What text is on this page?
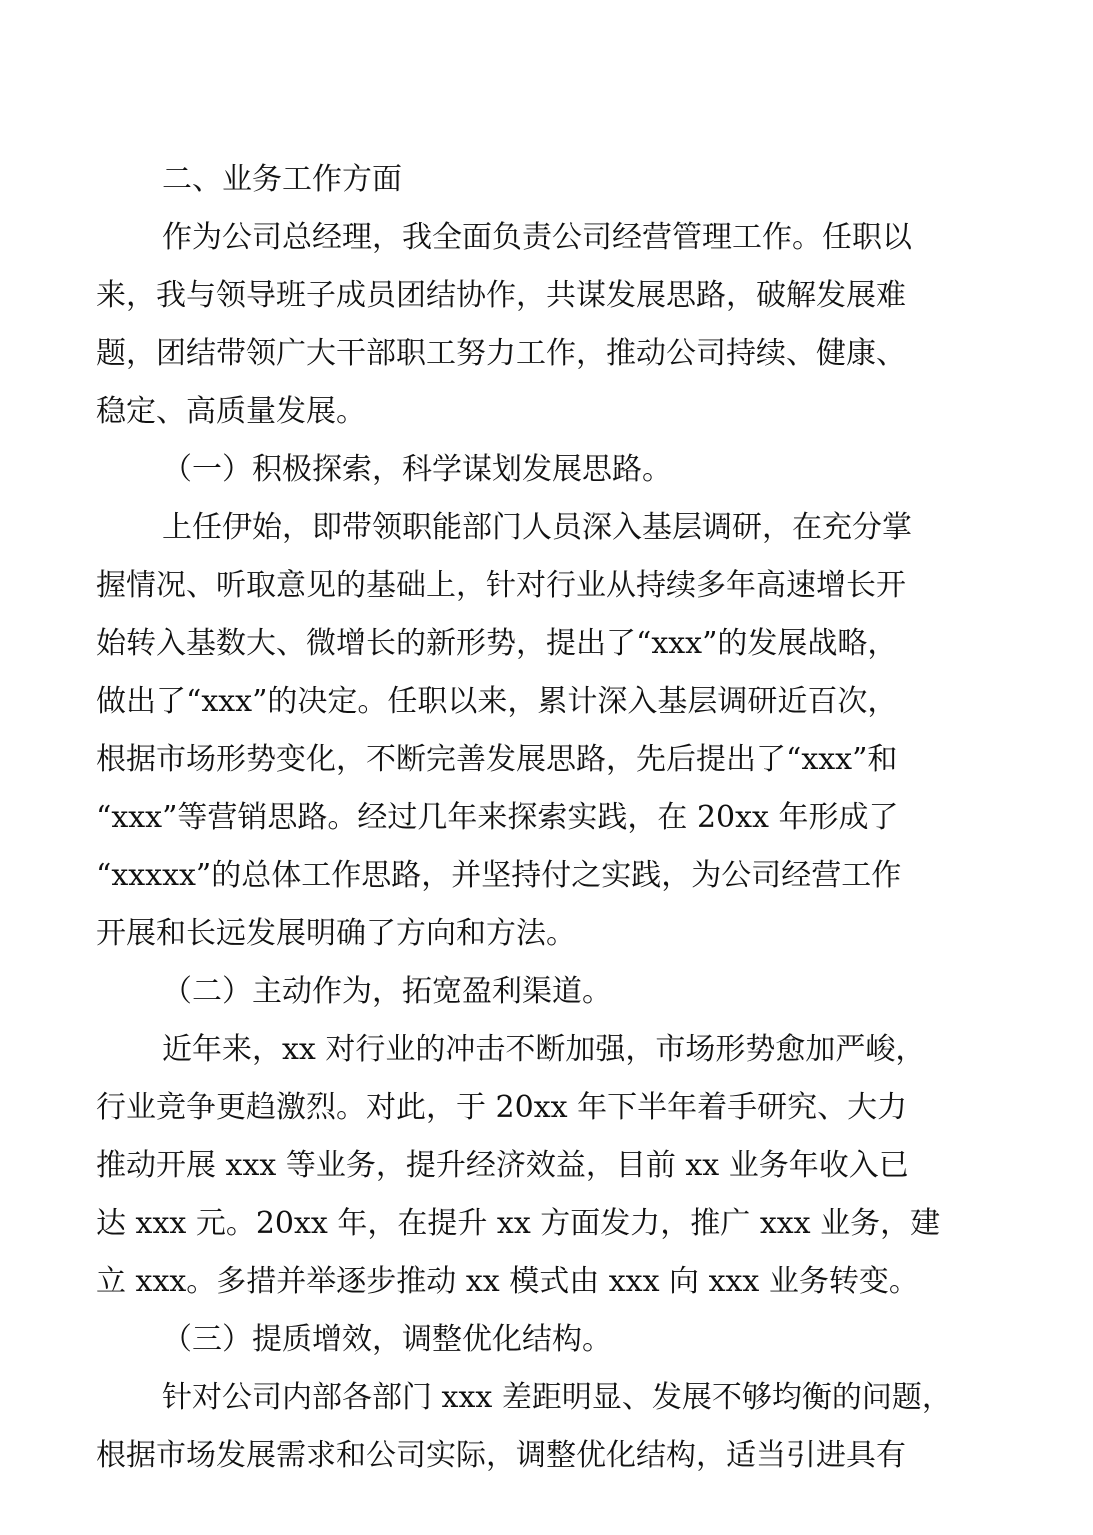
二、业务工作方面

作为公司总经理，我全面负责公司经营管理工作。任职以

来，我与领导班子成员团结协作，共谋发展思路，破解发展难

题，团结带领广大干部职工努力工作，推动公司持续、健康、

稳定、高质量发展。

（一）积极探索，科学谋划发展思路。

上任伊始，即带领职能部门人员深入基层调研，在充分掌

握情况、听取意见的基础上，针对行业从持续多年高速增长开

始转入基数大、微增长的新形势，提出了“xxx”的发展战略，

做出了“xxx”的决定。任职以来，累计深入基层调研近百次，

根据市场形势变化，不断完善发展思路，先后提出了“xxx”和

“xxx”等营销思路。经过几年来探索实践，在 20xx 年形成了

“xxxxx”的总体工作思路，并坚持付之实践，为公司经营工作

开展和长远发展明确了方向和方法。

（二）主动作为，拓宽盈利渠道。

近年来，xx 对行业的冲击不断加强，市场形势愈加严峻，

行业竞争更趋激烈。对此，于 20xx 年下半年着手研究、大力

推动开展 xxx 等业务，提升经济效益，目前 xx 业务年收入已

达 xxx 元。20xx 年，在提升 xx 方面发力，推广 xxx 业务，建

立 xxx。多措并举逐步推动 xx 模式由 xxx 向 xxx 业务转变。

（三）提质增效，调整优化结构。

针对公司内部各部门 xxx 差距明显、发展不够均衡的问题，

根据市场发展需求和公司实际，调整优化结构，适当引进具有
